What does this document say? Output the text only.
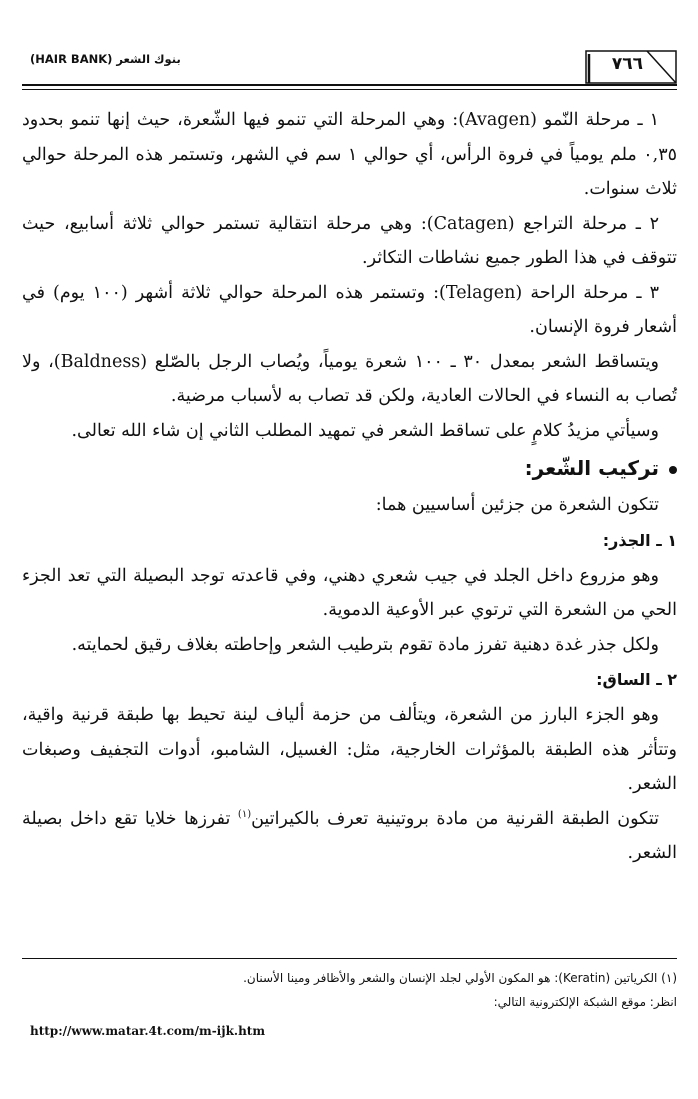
بنوك الشعر (HAIR BANK)	٧٦٦

١ ـ مرحلة النّمو (Avagen): وهي المرحلة التي تنمو فيها الشّعرة، حيث إنها تنمو بحدود ٠,٣٥ ملم يومياً في فروة الرأس، أي حوالي ١ سم في الشهر، وتستمر هذه المرحلة حوالي ثلاث سنوات.

٢ ـ مرحلة التراجع (Catagen): وهي مرحلة انتقالية تستمر حوالي ثلاثة أسابيع، حيث تتوقف في هذا الطور جميع نشاطات التكاثر.

٣ ـ مرحلة الراحة (Telagen): وتستمر هذه المرحلة حوالي ثلاثة أشهر (١٠٠ يوم) في أشعار فروة الإنسان.

ويتساقط الشعر بمعدل ٣٠ ـ ١٠٠ شعرة يومياً، ويُصاب الرجل بالصّلع (Baldness)، ولا تُصاب به النساء في الحالات العادية، ولكن قد تصاب به لأسباب مرضية.

وسيأتي مزيدُ كلامٍ على تساقط الشعر في تمهيد المطلب الثاني إن شاء الله تعالى.

تركيب الشّعر:

تتكون الشعرة من جزئين أساسيين هما:

١ ـ الجذر:

وهو مزروع داخل الجلد في جيب شعري دهني، وفي قاعدته توجد البصيلة التي تعد الجزء الحي من الشعرة التي ترتوي عبر الأوعية الدموية.

ولكل جذر غدة دهنية تفرز مادة تقوم بترطيب الشعر وإحاطته بغلاف رقيق لحمايته.

٢ ـ الساق:

وهو الجزء البارز من الشعرة، ويتألف من حزمة ألياف لينة تحيط بها طبقة قرنية واقية، وتتأثر هذه الطبقة بالمؤثرات الخارجية، مثل: الغسيل، الشامبو، أدوات التجفيف وصبغات الشعر.

تتكون الطبقة القرنية من مادة بروتينية تعرف بالكيراتين$^{(١)}$ تفرزها خلايا تقع داخل بصيلة الشعر.

(١) الكرياتين (Keratin): هو المكون الأولي لجلد الإنسان والشعر والأظافر ومينا الأسنان.

انظر: موقع الشبكة الإلكترونية التالي:

http://www.matar.4t.com/m-ijk.htm
